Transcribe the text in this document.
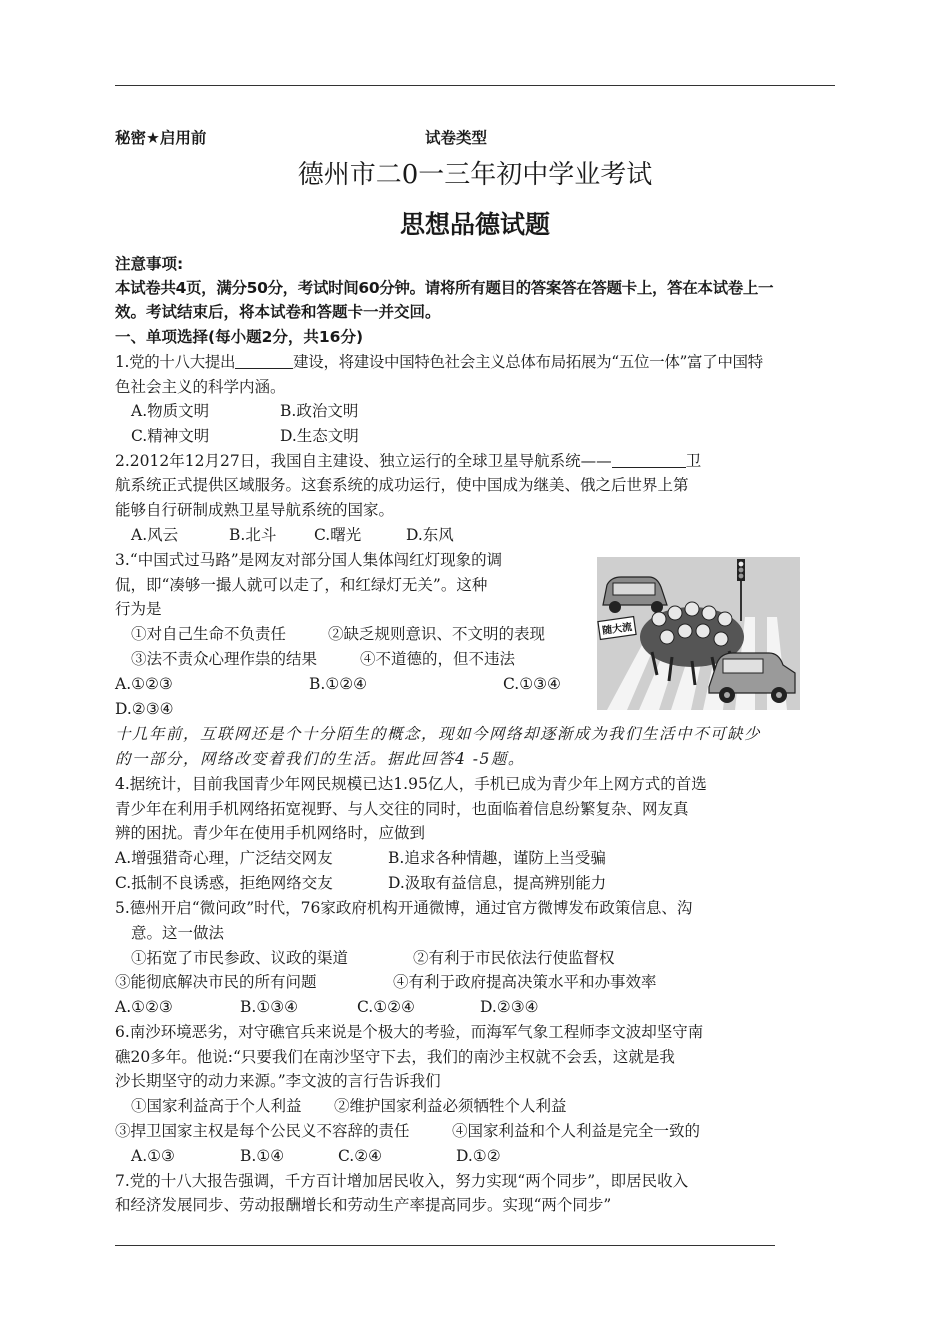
秘密★启用前	试卷类型
德州市二0一三年初中学业考试
思想品德试题
注意事项:
本试卷共4页，满分50分，考试时间60分钟。请将所有题目的答案答在答题卡上，答在本试卷上一
效。考试结束后，将本试卷和答题卡一并交回。
一、单项选择(每小题2分，共16分)
1.党的十八大提出	建设，将建设中国特色社会主义总体布局拓展为“五位一体”富了中国特
色社会主义的科学内涵。
A.物质文明	B.政治文明
C.精神文明	D.生态文明
2.2012年12月27日，我国自主建设、独立运行的全球卫星导航系统——	卫
航系统正式提供区域服务。这套系统的成功运行，使中国成为继美、俄之后世界上第
能够自行研制成熟卫星导航系统的国家。
A.风云	B.北斗 C.曙光	D.东风
3.“中国式过马路”是网友对部分国人集体闯红灯现象的调
侃，即“凑够一撮人就可以走了，和红绿灯无关”。这种
行为是
①对自己生命不负责任	②缺乏规则意识、不文明的表现
③法不责众心理作祟的结果	④不道德的，但不违法
A.①②③	B.①②④	C.①③④
D.②③④
随大流
十几年前，互联网还是个十分陌生的概念，现如今网络却逐渐成为我们生活中不可缺少
的一部分，网络改变着我们的生活。据此回答4 -5题。
4.据统计，目前我国青少年网民规模已达1.95亿人，手机已成为青少年上网方式的首选
青少年在利用手机网络拓宽视野、与人交往的同时，也面临着信息纷繁复杂、网友真
辨的困扰。青少年在使用手机网络时，应做到
A.增强猎奇心理，广泛结交网友	B.追求各种情趣，谨防上当受骗
C.抵制不良诱惑，拒绝网络交友	D.汲取有益信息，提高辨别能力
5.德州开启“微问政”时代，76家政府机构开通微博，通过官方微博发布政策信息、沟
意。这一做法
①拓宽了市民参政、议政的渠道	②有利于市民依法行使监督权
③能彻底解决市民的所有问题	④有利于政府提高决策水平和办事效率
A.①②③	B.①③④	C.①②④	D.②③④
6.南沙环境恶劣，对守礁官兵来说是个极大的考验，而海军气象工程师李文波却坚守南
礁20多年。他说:“只要我们在南沙坚守下去，我们的南沙主权就不会丢，这就是我
沙长期坚守的动力来源。”李文波的言行告诉我们
①国家利益高于个人利益 ②维护国家利益必须牺牲个人利益
③捍卫国家主权是每个公民义不容辞的责任	④国家利益和个人利益是完全一致的
A.①③	B.①④	C.②④	D.①②
7.党的十八大报告强调，千方百计增加居民收入，努力实现“两个同步”，即居民收入
和经济发展同步、劳动报酬增长和劳动生产率提高同步。实现“两个同步”
